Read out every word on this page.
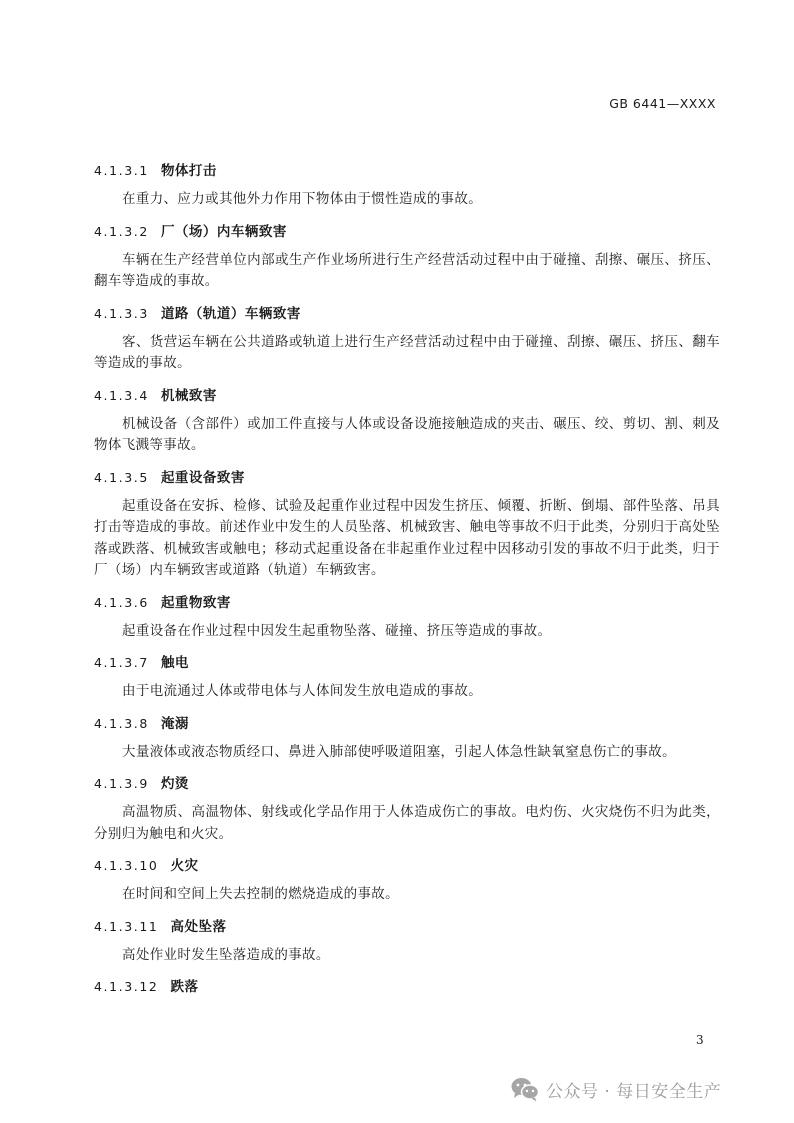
GB 6441—XXXX
4.1.3.1 物体打击

在重力、应力或其他外力作用下物体由于惯性造成的事故。

4.1.3.2 厂（场）内车辆致害

车辆在生产经营单位内部或生产作业场所进行生产经营活动过程中由于碰撞、刮擦、碾压、挤压、翻车等造成的事故。

4.1.3.3 道路（轨道）车辆致害

客、货营运车辆在公共道路或轨道上进行生产经营活动过程中由于碰撞、刮擦、碾压、挤压、翻车等造成的事故。

4.1.3.4 机械致害

机械设备（含部件）或加工件直接与人体或设备设施接触造成的夹击、碾压、绞、剪切、割、刺及物体飞溅等事故。

4.1.3.5 起重设备致害

起重设备在安拆、检修、试验及起重作业过程中因发生挤压、倾覆、折断、倒塌、部件坠落、吊具打击等造成的事故。前述作业中发生的人员坠落、机械致害、触电等事故不归于此类，分别归于高处坠落或跌落、机械致害或触电；移动式起重设备在非起重作业过程中因移动引发的事故不归于此类，归于厂（场）内车辆致害或道路（轨道）车辆致害。

4.1.3.6 起重物致害

起重设备在作业过程中因发生起重物坠落、碰撞、挤压等造成的事故。

4.1.3.7 触电

由于电流通过人体或带电体与人体间发生放电造成的事故。

4.1.3.8 淹溺

大量液体或液态物质经口、鼻进入肺部使呼吸道阻塞，引起人体急性缺氧窒息伤亡的事故。

4.1.3.9 灼烫

高温物质、高温物体、射线或化学品作用于人体造成伤亡的事故。电灼伤、火灾烧伤不归为此类，分别归为触电和火灾。

4.1.3.10 火灾

在时间和空间上失去控制的燃烧造成的事故。

4.1.3.11 高处坠落

高处作业时发生坠落造成的事故。

4.1.3.12 跌落
3
公众号 · 每日安全生产
